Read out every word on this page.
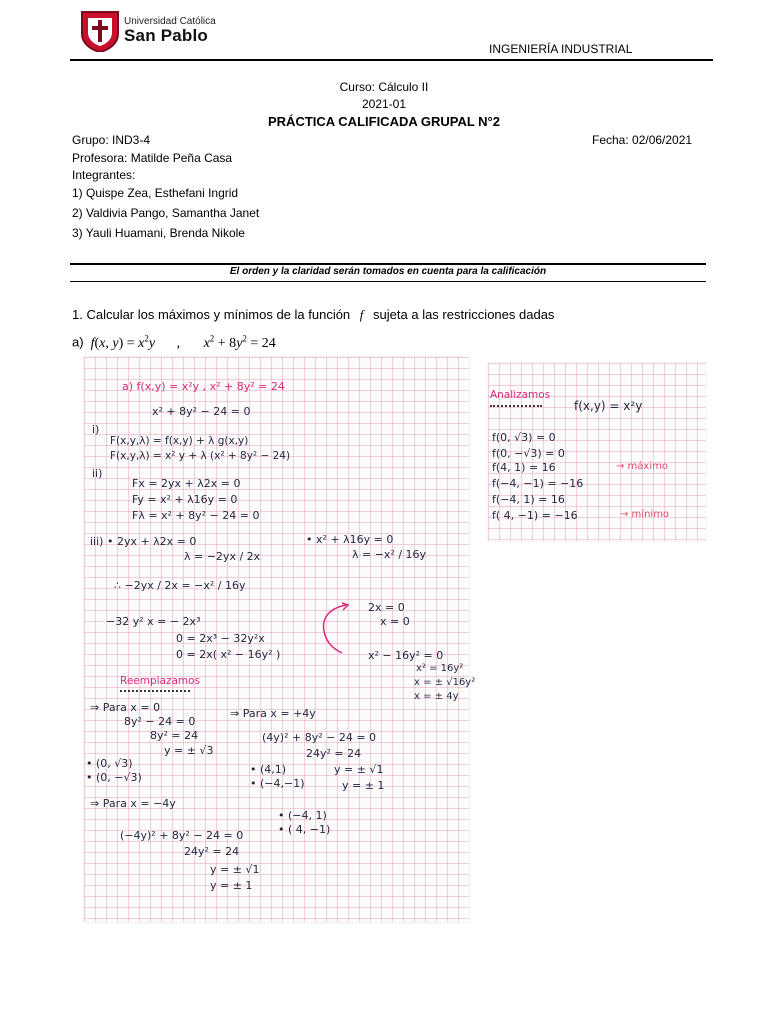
Universidad Católica
San Pablo
INGENIERÍA INDUSTRIAL
Curso: Cálculo II
2021-01
PRÁCTICA CALIFICADA GRUPAL N°2
Grupo: IND3-4	Fecha: 02/06/2021
Profesora: Matilde Peña Casa
Integrantes:
1) Quispe Zea, Esthefani Ingrid
2) Valdivia Pango, Samantha Janet
3) Yauli Huamani, Brenda Nikole
El orden y la claridad serán tomados en cuenta para la calificación
1. Calcular los máximos y mínimos de la función f sujeta a las restricciones dadas
a) f(x, $y) = x^2y$ , $x^2 + 8y^2 = 24$
a) f(x,y) = x²y , x² + 8y² = 24
x² + 8y² − 24 = 0
i)
F(x,y,λ) = f(x,y) + λ g(x,y)
F(x,y,λ) = x² y + λ (x² + 8y² − 24)
ii)
Fx = 2yx + λ2x = 0
Fy = x² + λ16y = 0
Fλ = x² + 8y² − 24 = 0
iii) • 2yx + λ2x = 0
λ = −2yx / 2x
• x² + λ16y = 0
λ = −x² / 16y
∴ −2yx / 2x = −x² / 16y
−32 y² x = − 2x³
0 = 2x³ − 32y²x
0 = 2x( x² − 16y² )
2x = 0
x = 0
x² − 16y² = 0
x² = 16y²
x = ± √16y²
x = ± 4y
Reemplazamos
⇒ Para x = 0
8y² − 24 = 0
8y² = 24
y = ± √3
• (0, √3)
• (0, −√3)
⇒ Para x = +4y
(4y)² + 8y² − 24 = 0
24y² = 24
• (4,1)	y = ± √1
• (−4,−1)	y = ± 1
⇒ Para x = −4y
(−4y)² + 8y² − 24 = 0
24y² = 24
y = ± √1
y = ± 1
• (−4, 1)
• ( 4, −1)
Analizamos
f(x,y) = x²y
f(0, √3) = 0
f(0, −√3) = 0
f(4, 1) = 16
f(−4, −1) = −16
f(−4, 1) = 16
f( 4, −1) = −16
→ máximo
→ mínimo
